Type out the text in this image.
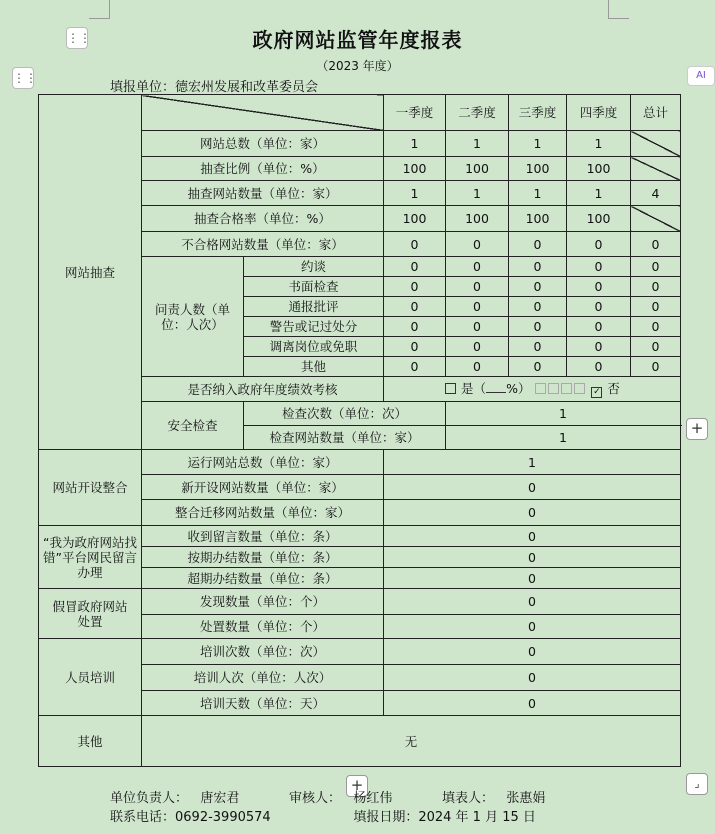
⋮⋮
⋮⋮	AI
政府网站监管年度报表
（2023 年度）
填报单位：德宏州发展和改革委员会
网站抽查			一季度	二季度	三季度	四季度	总计
	网站总数（单位：家）		1	1	1	1	
	抽查比例（单位：%）		100	100	100	100	
	抽查网站数量（单位：家）		1	1	1	1	4
	抽查合格率（单位：%）		100	100	100	100	
	不合格网站数量（单位：家）		0	0	0	0	0
	问责人数（单位：人次）	约谈	0	0	0	0	0
		书面检查	0	0	0	0	0
		通报批评	0	0	0	0	0
		警告或记过处分	0	0	0	0	0
		调离岗位或免职	0	0	0	0	0
		其他	0	0	0	0	0
	是否纳入政府年度绩效考核		是（ %） ✓ 否				
	安全检查	检查次数（单位：次）		1			
		检查网站数量（单位：家）		1			
网站开设整合	运行网站总数（单位：家）		1				
	新开设网站数量（单位：家）		0				
	整合迁移网站数量（单位：家）		0				
“我为政府网站找错”平台网民留言办理	收到留言数量（单位：条）		0				
	按期办结数量（单位：条）		0				
	超期办结数量（单位：条）		0				
假冒政府网站处置	发现数量（单位：个）		0				
	处置数量（单位：个）		0				
人员培训	培训次数（单位：次）		0				
	培训人次（单位：人次）		0				
	培训天数（单位：天）		0				
其他	无						
+
+	⌟
单位负责人：   唐宏君            审核人：   杨红伟            填表人：   张惠娟
联系电话：0692-3990574                    填报日期：2024 年 1 月 15 日
